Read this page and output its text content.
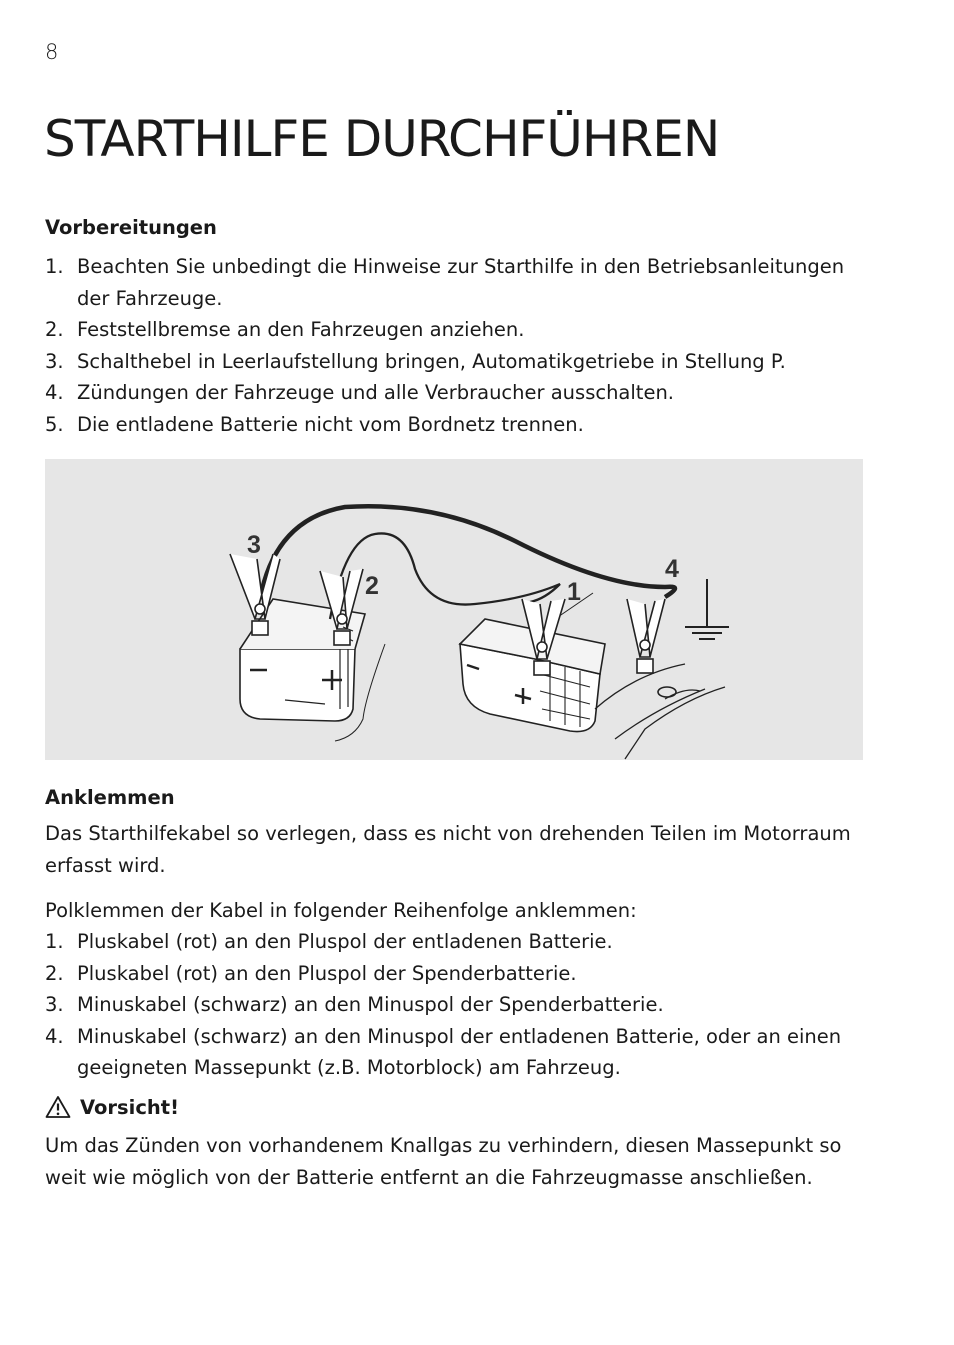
8
STARTHILFE DURCHFÜHREN
Vorbereitungen
1. Beachten Sie unbedingt die Hinweise zur Starthilfe in den Betriebsanleitungen der Fahrzeuge.
2. Feststellbremse an den Fahrzeugen anziehen.
3. Schalthebel in Leerlaufstellung bringen, Automatikgetriebe in Stellung P.
4. Zündungen der Fahrzeuge und alle Verbraucher ausschalten.
5. Die entladene Batterie nicht vom Bordnetz trennen.
3
2	1
4
Anklemmen

Das Starthilfekabel so verlegen, dass es nicht von drehenden Teilen im Motorraum erfasst wird.

Polklemmen der Kabel in folgender Reihenfolge anklemmen:

1. Pluskabel (rot) an den Pluspol der entladenen Batterie.
2. Pluskabel (rot) an den Pluspol der Spenderbatterie.
3. Minuskabel (schwarz) an den Minuspol der Spenderbatterie.
4. Minuskabel (schwarz) an den Minuspol der entladenen Batterie, oder an einen geeigneten Massepunkt (z.B. Motorblock) am Fahrzeug.
Vorsicht!

Um das Zünden von vorhandenem Knallgas zu verhindern, diesen Massepunkt so weit wie möglich von der Batterie entfernt an die Fahrzeugmasse anschließen.
